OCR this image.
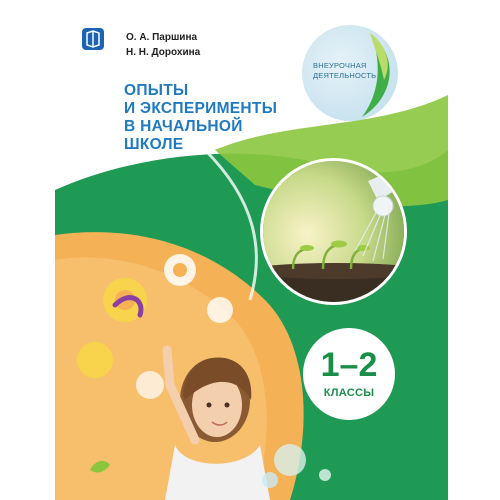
О. А. Паршина
Н. Н. Дорохина
ВНЕУРОЧНАЯ
ДЕЯТЕЛЬНОСТЬ
ОПЫТЫ
И ЭКСПЕРИМЕНТЫ
В НАЧАЛЬНОЙ
ШКОЛЕ
1–2
КЛАССЫ
